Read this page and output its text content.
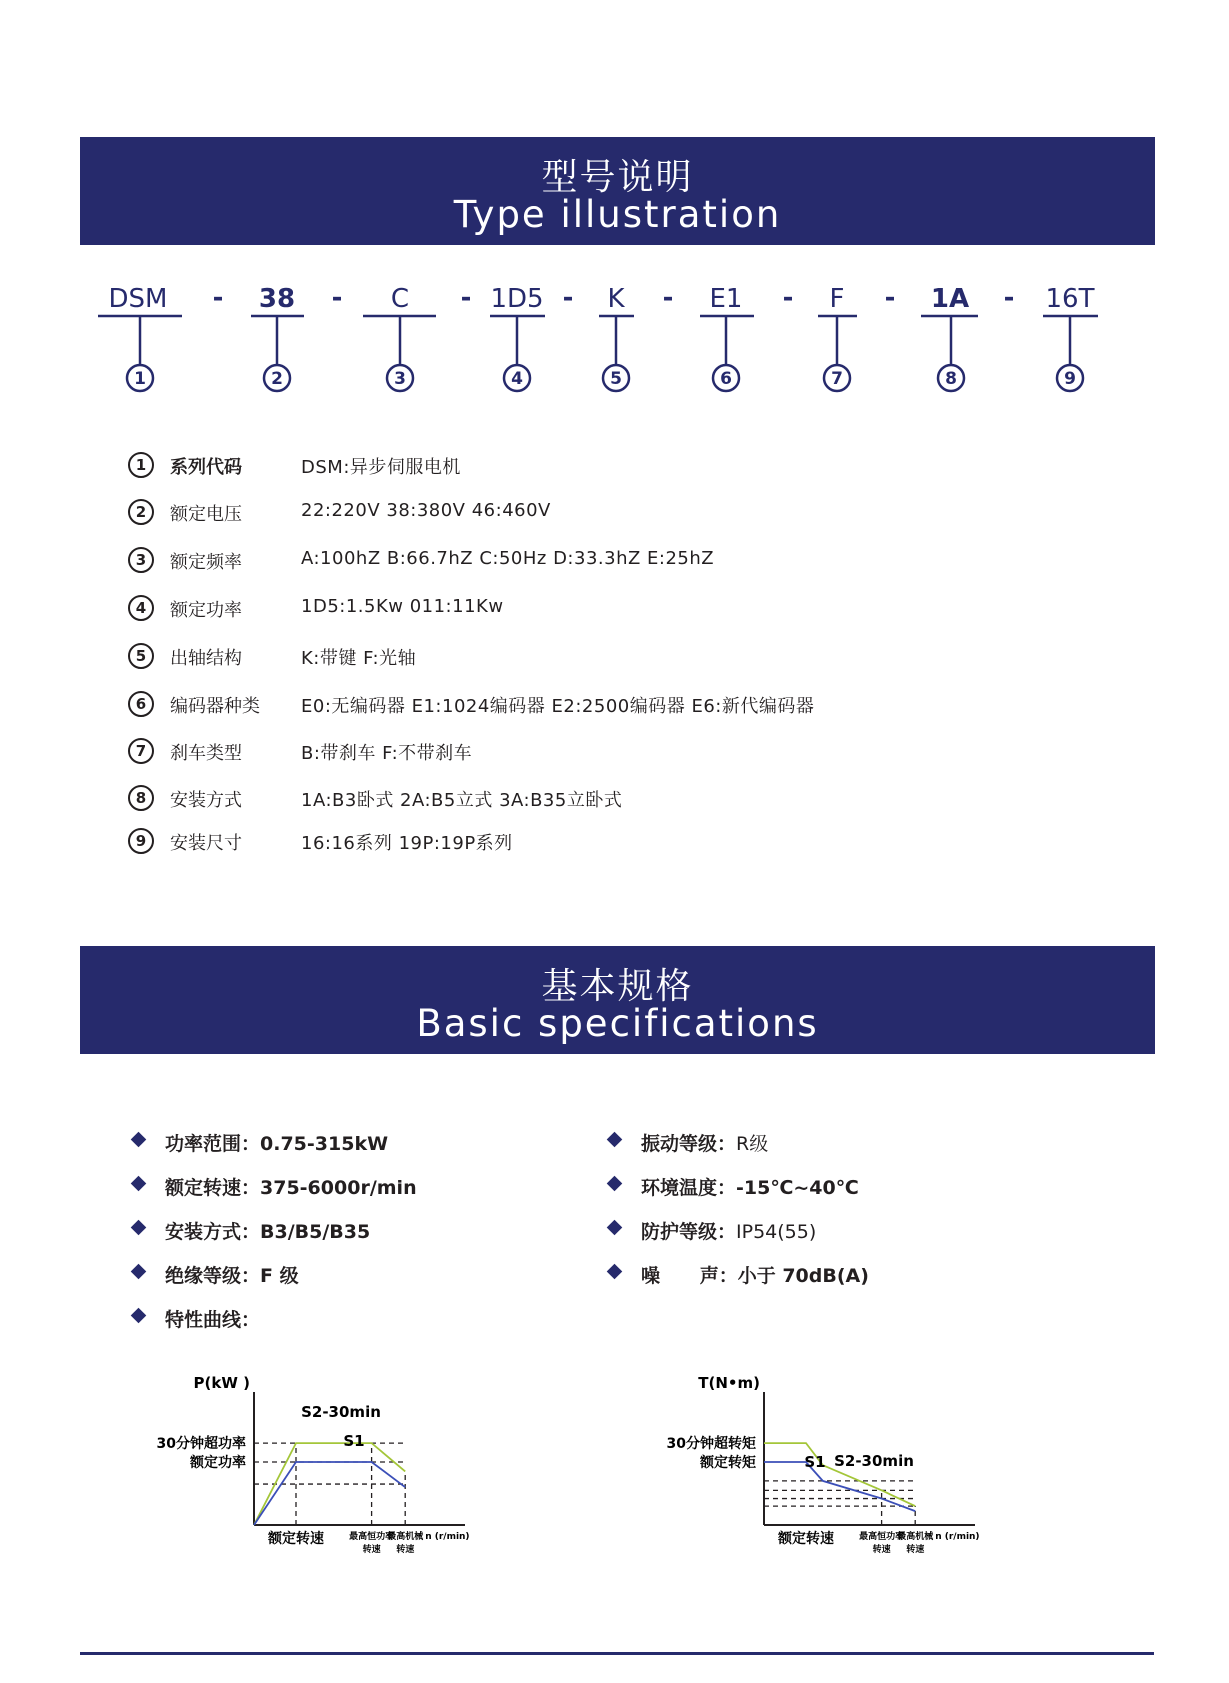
型号说明
Type illustration
DSM	38	C	1D5 K	E1	F	1A	16T
-	-	-	-	-	-	-	-
1	2	3	4	5	6	7	8	9
1	系列代码	DSM:异步伺服电机
2	额定电压	22:220V 38:380V 46:460V
3	额定频率	A:100hZ B:66.7hZ C:50Hz D:33.3hZ E:25hZ
4	额定功率	1D5:1.5Kw 011:11Kw
5	出轴结构	K:带键 F:光轴
6	编码器种类 E0:无编码器 E1:1024编码器 E2:2500编码器 E6:新代编码器
7	刹车类型	B:带刹车 F:不带刹车
8	安装方式	1A:B3卧式 2A:B5立式 3A:B35立卧式
9	安装尺寸	16:16系列 19P:19P系列
基本规格
Basic specifications
功率范围：0.75-315kW
额定转速：375-6000r/min
安装方式：B3/B5/B35
绝缘等级：F 级
特性曲线：
振动等级：R级
环境温度：-15℃~40℃
防护等级：IP54(55)
噪      声：小于 70dB(A)
P(kW )
30分钟超功率
额定功率
额定转速	最高恒功率转速
最高机械转速
n (r/min)
S2-30min
S1
T(N•m)
30分钟超转矩
额定转矩
额定转速	最高恒功率转速
最高机械转速
n (r/min)
S1 S2-30min
